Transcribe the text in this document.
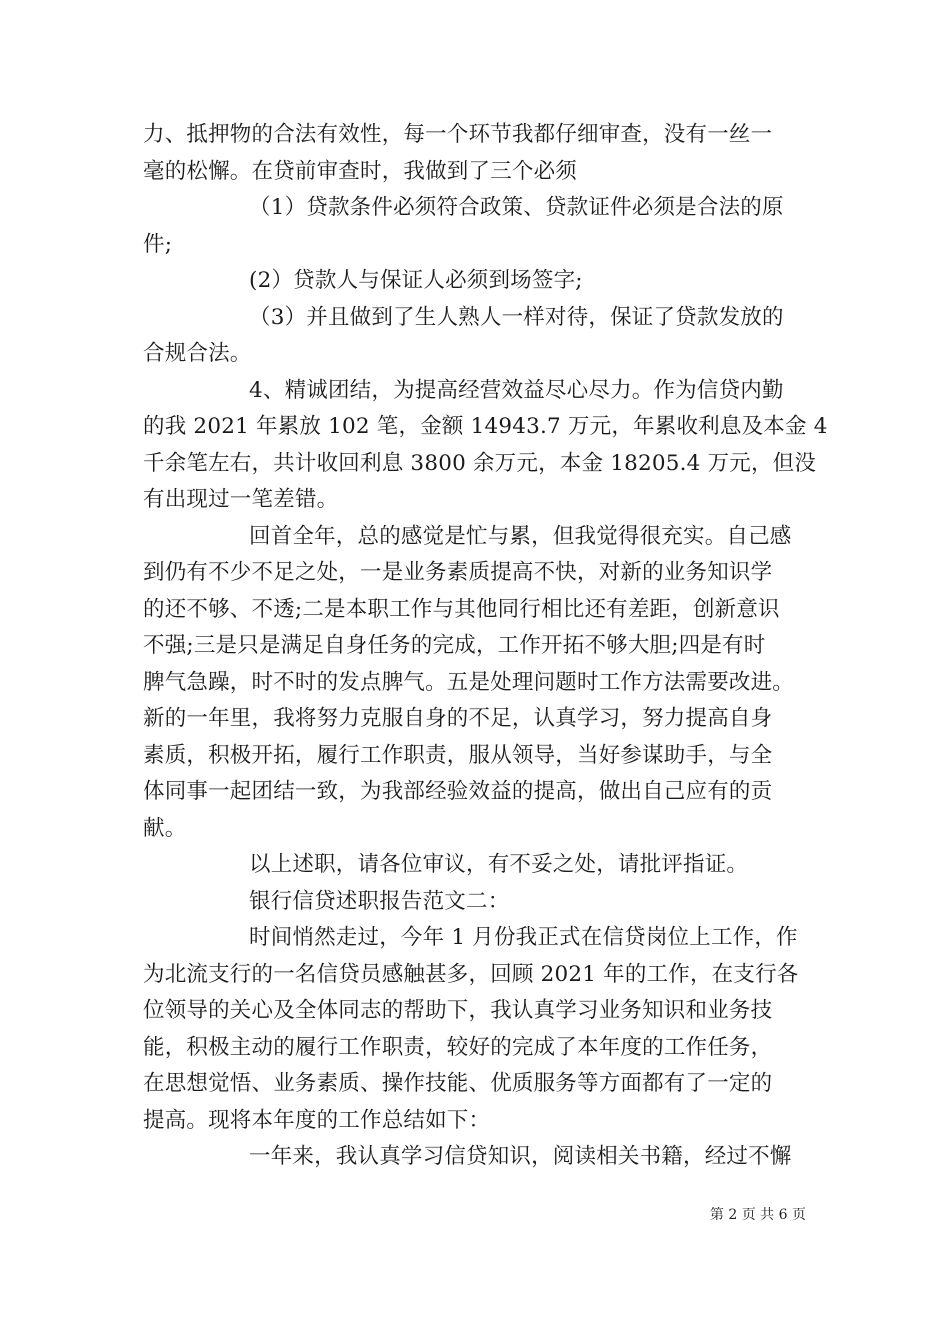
力、抵押物的合法有效性，每一个环节我都仔细审查，没有一丝一
毫的松懈。在贷前审查时，我做到了三个必须
（1）贷款条件必须符合政策、贷款证件必须是合法的原
件;
(2）贷款人与保证人必须到场签字;
（3）并且做到了生人熟人一样对待，保证了贷款发放的
合规合法。
4、精诚团结，为提高经营效益尽心尽力。作为信贷内勤
的我 2021 年累放 102 笔，金额 14943.7 万元，年累收利息及本金 4
千余笔左右，共计收回利息 3800 余万元，本金 18205.4 万元，但没
有出现过一笔差错。
回首全年，总的感觉是忙与累，但我觉得很充实。自己感
到仍有不少不足之处，一是业务素质提高不快，对新的业务知识学
的还不够、不透;二是本职工作与其他同行相比还有差距，创新意识
不强;三是只是满足自身任务的完成，工作开拓不够大胆;四是有时
脾气急躁，时不时的发点脾气。五是处理问题时工作方法需要改进。
新的一年里，我将努力克服自身的不足，认真学习，努力提高自身
素质，积极开拓，履行工作职责，服从领导，当好参谋助手，与全
体同事一起团结一致，为我部经验效益的提高，做出自己应有的贡
献。
以上述职，请各位审议，有不妥之处，请批评指证。
银行信贷述职报告范文二：
时间悄然走过，今年 1 月份我正式在信贷岗位上工作，作
为北流支行的一名信贷员感触甚多，回顾 2021 年的工作，在支行各
位领导的关心及全体同志的帮助下，我认真学习业务知识和业务技
能，积极主动的履行工作职责，较好的完成了本年度的工作任务，
在思想觉悟、业务素质、操作技能、优质服务等方面都有了一定的
提高。现将本年度的工作总结如下：
一年来，我认真学习信贷知识，阅读相关书籍，经过不懈
第 2 页 共 6 页
